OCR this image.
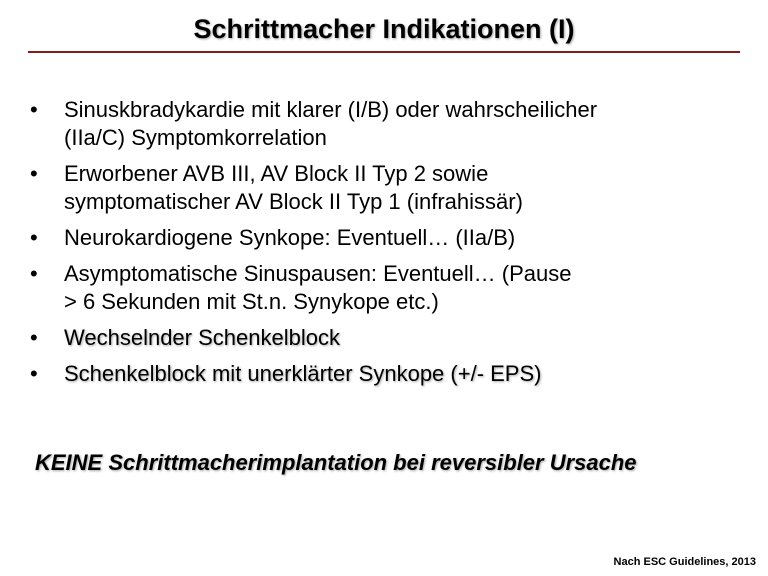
Schrittmacher Indikationen (I)
•	Sinuskbradykardie mit klarer (I/B) oder wahrscheilicher
(IIa/C) Symptomkorrelation
•	Erworbener AVB III, AV Block II Typ 2 sowie
symptomatischer AV Block II Typ 1 (infrahissär)
•	Neurokardiogene Synkope: Eventuell… (IIa/B)
•	Asymptomatische Sinuspausen: Eventuell… (Pause
> 6 Sekunden mit St.n. Synykope etc.)
•	Wechselnder Schenkelblock
•	Schenkelblock mit unerklärter Synkope (+/- EPS)
KEINE Schrittmacherimplantation bei reversibler Ursache
Nach ESC Guidelines, 2013
